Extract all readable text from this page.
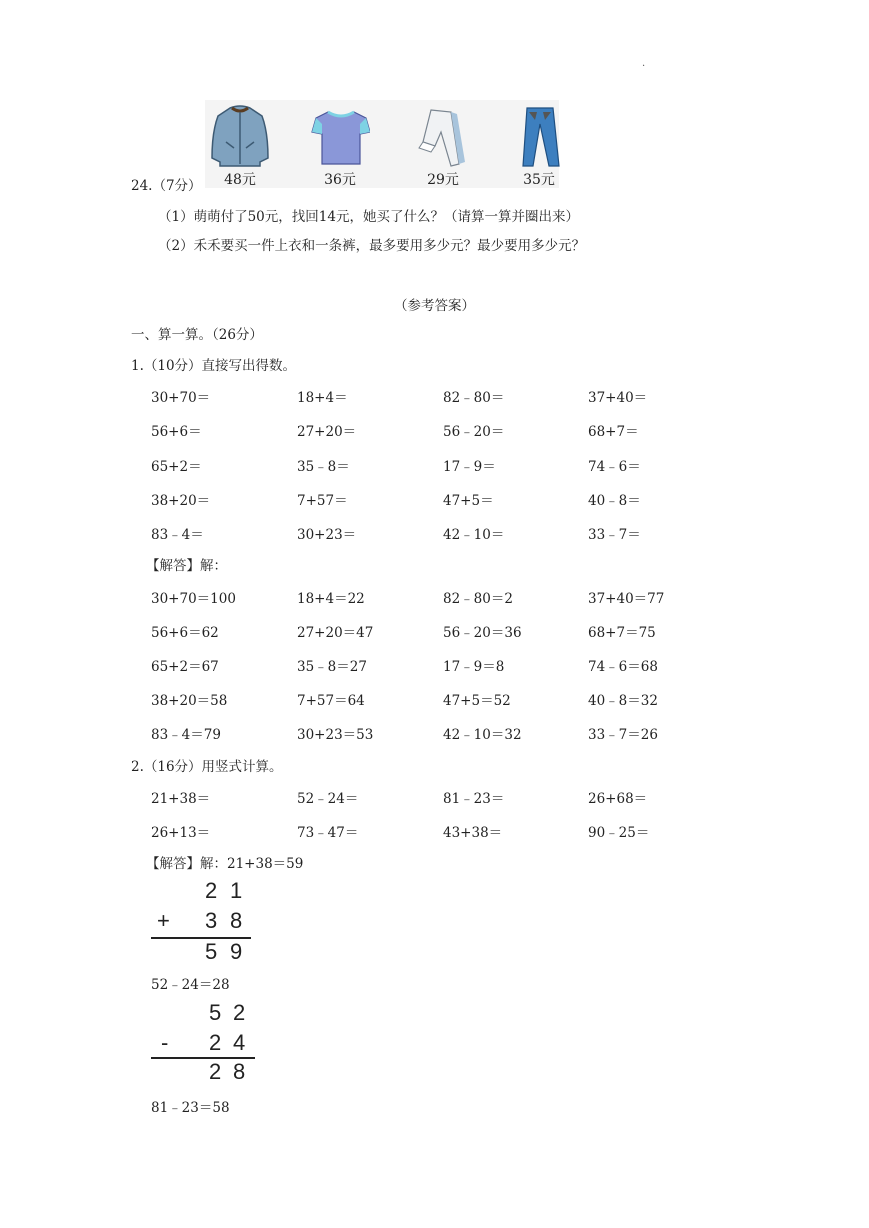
.
48元	36元	29元	35元
24.（7分）
（1）萌萌付了50元，找回14元，她买了什么？（请算一算并圈出来）
（2）禾禾要买一件上衣和一条裤，最多要用多少元？最少要用多少元？
（参考答案）
一、算一算。（26分）
1.（10分）直接写出得数。
30+70＝	18+4＝	82﹣80＝	37+40＝
56+6＝	27+20＝	56﹣20＝	68+7＝
65+2＝	35﹣8＝	17﹣9＝	74﹣6＝
38+20＝	7+57＝	47+5＝	40﹣8＝
83﹣4＝	30+23＝	42﹣10＝	33﹣7＝
【解答】解：
30+70＝100	18+4＝22	82﹣80＝2	37+40＝77
56+6＝62	27+20＝47	56﹣20＝36	68+7＝75
65+2＝67	35﹣8＝27	17﹣9＝8	74﹣6＝68
38+20＝58	7+57＝64	47+5＝52	40﹣8＝32
83﹣4＝79	30+23＝53	42﹣10＝32	33﹣7＝26
2.（16分）用竖式计算。
21+38＝	52﹣24＝	81﹣23＝	26+68＝
26+13＝	73﹣47＝	43+38＝	90﹣25＝
【解答】解：21+38＝59
2 1
+ 3 8
5 9
52﹣24＝28
5 2
- 2 4
2 8
81﹣23＝58
